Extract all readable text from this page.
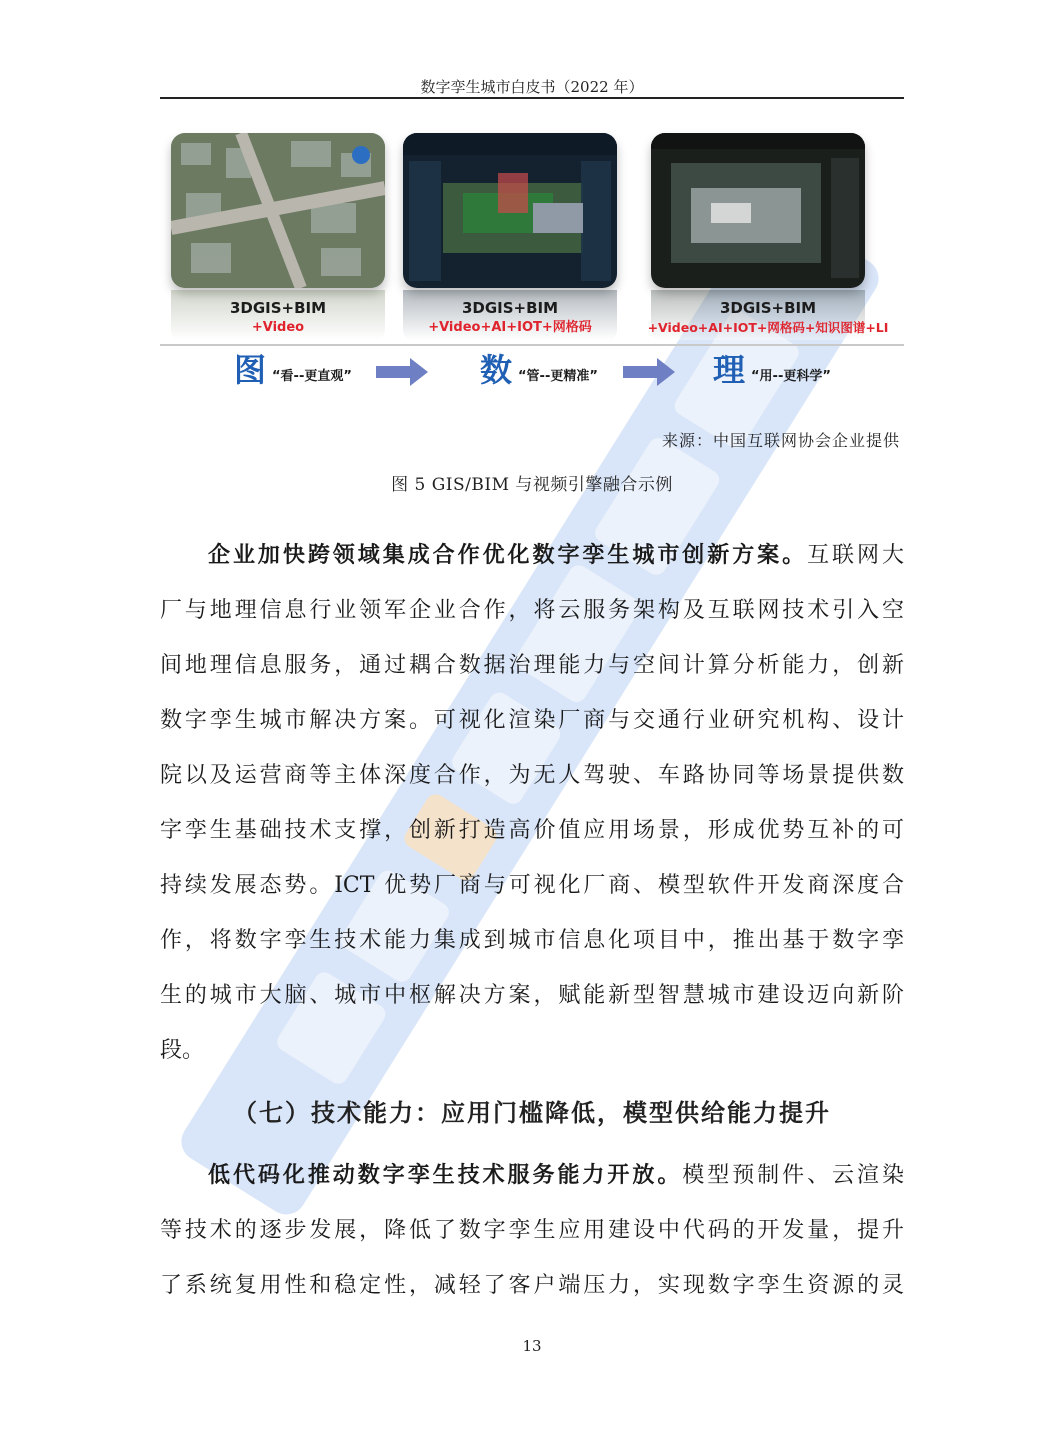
数字孪生城市白皮书（2022 年）
3DGIS+BIM
+Video
3DGIS+BIM
+Video+AI+IOT+网格码
3DGIS+BIM
+Video+AI+IOT+网格码+知识图谱+LI
图 “看--更直观”	数 “管--更精准”	理 “用--更科学”
来源：中国互联网协会企业提供
图 5 GIS/BIM 与视频引擎融合示例

企业加快跨领域集成合作优化数字孪生城市创新方案。互联网大
厂与地理信息行业领军企业合作，将云服务架构及互联网技术引入空
间地理信息服务，通过耦合数据治理能力与空间计算分析能力，创新
数字孪生城市解决方案。可视化渲染厂商与交通行业研究机构、设计
院以及运营商等主体深度合作，为无人驾驶、车路协同等场景提供数
字孪生基础技术支撑，创新打造高价值应用场景，形成优势互补的可
持续发展态势。ICT 优势厂商与可视化厂商、模型软件开发商深度合
作，将数字孪生技术能力集成到城市信息化项目中，推出基于数字孪
生的城市大脑、城市中枢解决方案，赋能新型智慧城市建设迈向新阶
段。

（七）技术能力：应用门槛降低，模型供给能力提升

低代码化推动数字孪生技术服务能力开放。模型预制件、云渲染
等技术的逐步发展，降低了数字孪生应用建设中代码的开发量，提升
了系统复用性和稳定性，减轻了客户端压力，实现数字孪生资源的灵

13
